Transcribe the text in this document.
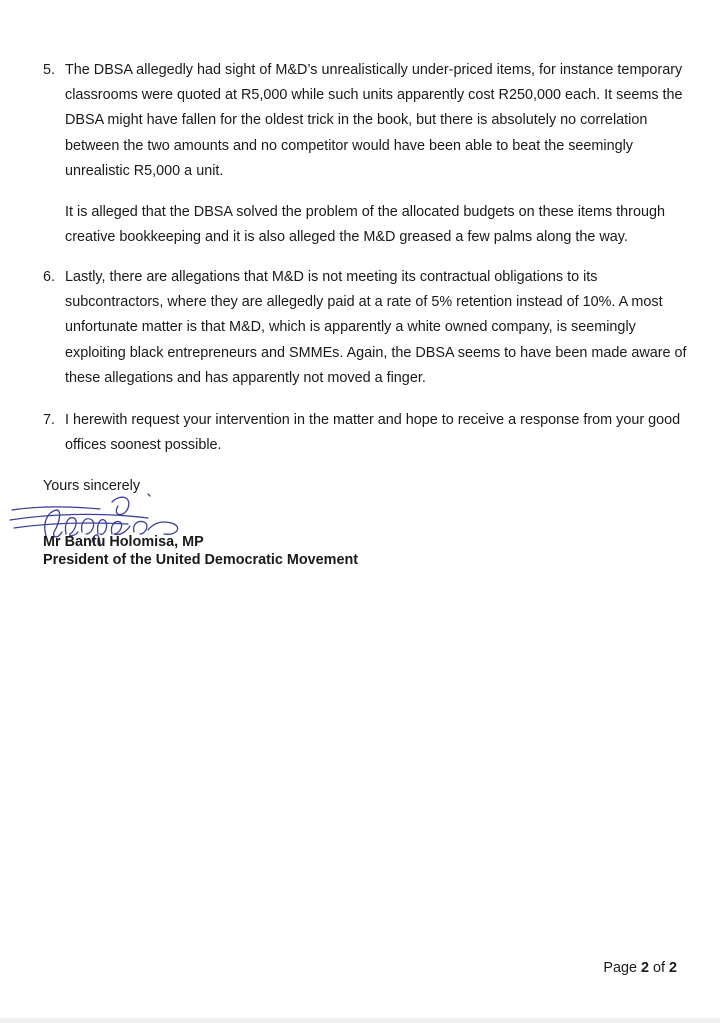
5. The DBSA allegedly had sight of M&D’s unrealistically under-priced items, for instance temporary classrooms were quoted at R5,000 while such units apparently cost R250,000 each. It seems the DBSA might have fallen for the oldest trick in the book, but there is absolutely no correlation between the two amounts and no competitor would have been able to beat the seemingly unrealistic R5,000 a unit.

It is alleged that the DBSA solved the problem of the allocated budgets on these items through creative bookkeeping and it is also alleged the M&D greased a few palms along the way.

6. Lastly, there are allegations that M&D is not meeting its contractual obligations to its subcontractors, where they are allegedly paid at a rate of 5% retention instead of 10%. A most unfortunate matter is that M&D, which is apparently a white owned company, is seemingly exploiting black entrepreneurs and SMMEs. Again, the DBSA seems to have been made aware of these allegations and has apparently not moved a finger.

7. I herewith request your intervention in the matter and hope to receive a response from your good offices soonest possible.

Yours sincerely
Mr Bantu Holomisa, MP
President of the United Democratic Movement
Page 2 of 2
